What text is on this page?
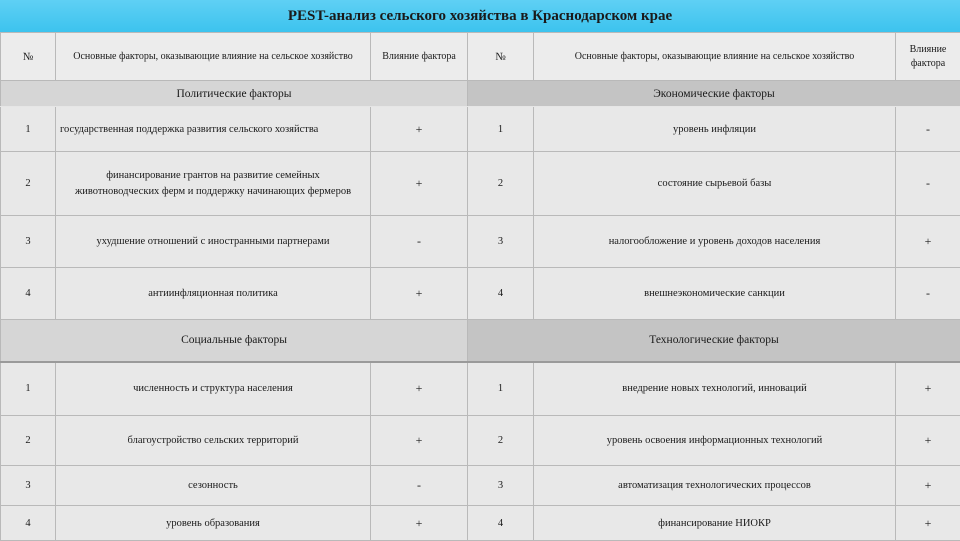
PEST-анализ сельского хозяйства в Краснодарском крае
№	Основные факторы, оказывающие влияние на сельское хозяйство	Влияние фактора	№	Основные факторы, оказывающие влияние на сельское хозяйство	Влияние фактора
Политические факторы			Экономические факторы		
1	государственная поддержка развития сельского хозяйства	+	1	уровень инфляции	-
2	финансирование грантов на развитие семейных животноводческих ферм и поддержку начинающих фермеров	+	2	состояние сырьевой базы	-
3	ухудшение отношений с иностранными партнерами	-	3	налогообложение и уровень доходов населения	+
4	антиинфляционная политика	+	4	внешнеэкономические санкции	-
Социальные факторы			Технологические факторы		
1	численность и структура населения	+	1	внедрение новых технологий, инноваций	+
2	благоустройство сельских территорий	+	2	уровень освоения информационных технологий	+
3	сезонность	-	3	автоматизация технологических процессов	+
4	уровень образования	+	4	финансирование НИОКР	+
